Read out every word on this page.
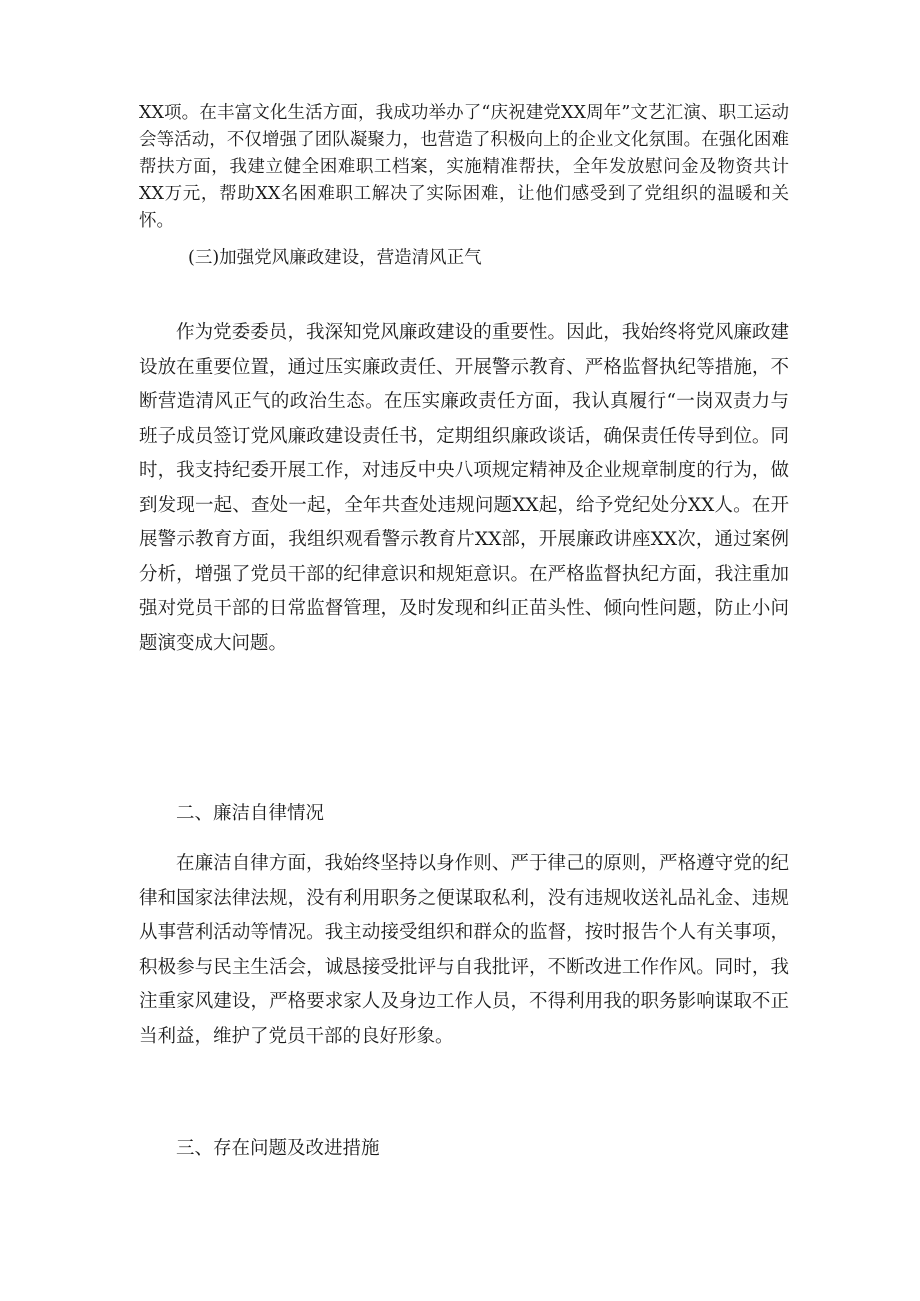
XX项。在丰富文化生活方面，我成功举办了“庆祝建党XX周年”文艺汇演、职工运动会等活动，不仅增强了团队凝聚力，也营造了积极向上的企业文化氛围。在强化困难帮扶方面，我建立健全困难职工档案，实施精准帮扶，全年发放慰问金及物资共计XX万元，帮助XX名困难职工解决了实际困难，让他们感受到了党组织的温暖和关怀。

(三)加强党风廉政建设，营造清风正气

作为党委委员，我深知党风廉政建设的重要性。因此，我始终将党风廉政建设放在重要位置，通过压实廉政责任、开展警示教育、严格监督执纪等措施，不断营造清风正气的政治生态。在压实廉政责任方面，我认真履行“一岗双责力与班子成员签订党风廉政建设责任书，定期组织廉政谈话，确保责任传导到位。同时，我支持纪委开展工作，对违反中央八项规定精神及企业规章制度的行为，做到发现一起、查处一起，全年共查处违规问题XX起，给予党纪处分XX人。在开展警示教育方面，我组织观看警示教育片XX部，开展廉政讲座XX次，通过案例分析，增强了党员干部的纪律意识和规矩意识。在严格监督执纪方面，我注重加强对党员干部的日常监督管理，及时发现和纠正苗头性、倾向性问题，防止小问题演变成大问题。

二、廉洁自律情况

在廉洁自律方面，我始终坚持以身作则、严于律己的原则，严格遵守党的纪律和国家法律法规，没有利用职务之便谋取私利，没有违规收送礼品礼金、违规从事营利活动等情况。我主动接受组织和群众的监督，按时报告个人有关事项，积极参与民主生活会，诚恳接受批评与自我批评，不断改进工作作风。同时，我注重家风建设，严格要求家人及身边工作人员，不得利用我的职务影响谋取不正当利益，维护了党员干部的良好形象。

三、存在问题及改进措施
